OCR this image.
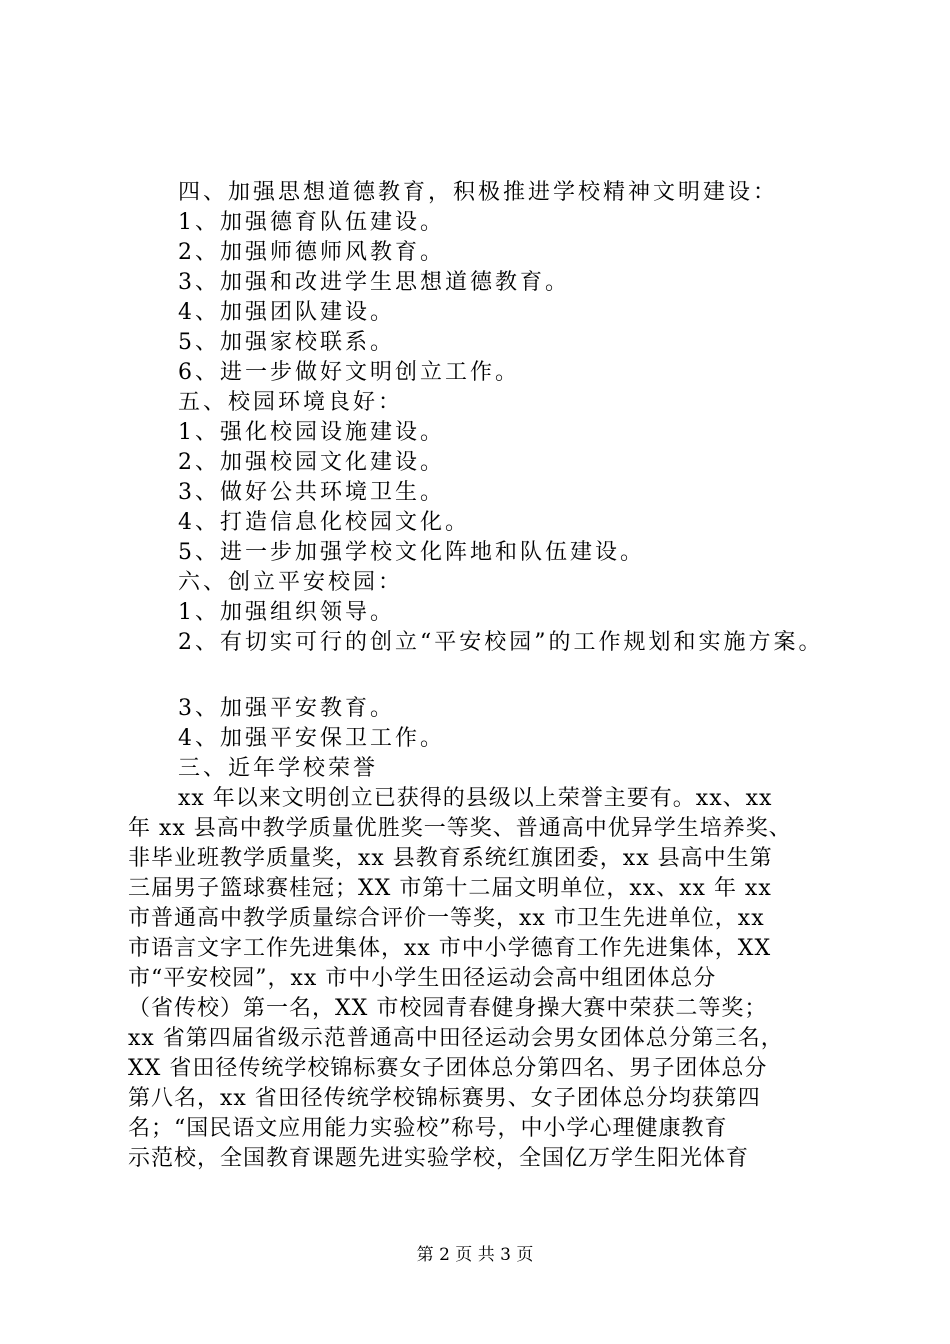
四、加强思想道德教育，积极推进学校精神文明建设：
1、加强德育队伍建设。
2、加强师德师风教育。
3、加强和改进学生思想道德教育。
4、加强团队建设。
5、加强家校联系。
6、进一步做好文明创立工作。
五、校园环境良好：
1、强化校园设施建设。
2、加强校园文化建设。
3、做好公共环境卫生。
4、打造信息化校园文化。
5、进一步加强学校文化阵地和队伍建设。
六、创立平安校园：
1、加强组织领导。
2、有切实可行的创立“平安校园”的工作规划和实施方案。
3、加强平安教育。
4、加强平安保卫工作。
三、近年学校荣誉
xx 年以来文明创立已获得的县级以上荣誉主要有。xx、xx
年 xx 县高中教学质量优胜奖一等奖、普通高中优异学生培养奖、
非毕业班教学质量奖，xx 县教育系统红旗团委，xx 县高中生第
三届男子篮球赛桂冠；XX 市第十二届文明单位，xx、xx 年 xx
市普通高中教学质量综合评价一等奖，xx 市卫生先进单位，xx
市语言文字工作先进集体，xx 市中小学德育工作先进集体，XX
市“平安校园”，xx 市中小学生田径运动会高中组团体总分
（省传校）第一名，XX 市校园青春健身操大赛中荣获二等奖；
xx 省第四届省级示范普通高中田径运动会男女团体总分第三名，
XX 省田径传统学校锦标赛女子团体总分第四名、男子团体总分
第八名，xx 省田径传统学校锦标赛男、女子团体总分均获第四
名；“国民语文应用能力实验校”称号，中小学心理健康教育
示范校，全国教育课题先进实验学校，全国亿万学生阳光体育
第 2 页 共 3 页
